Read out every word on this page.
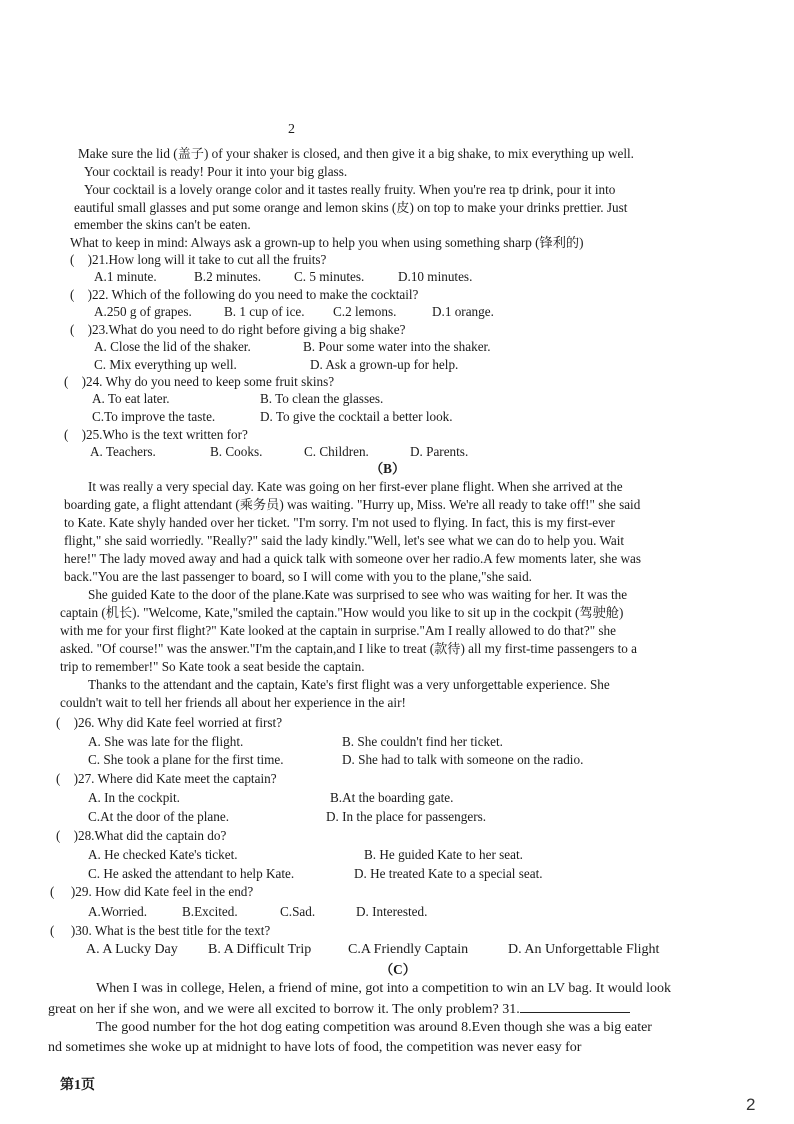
2
Make sure the lid (盖子) of your shaker is closed, and then give it a big shake, to mix everything up well.
Your cocktail is ready! Pour it into your big glass.
Your cocktail is a lovely orange color and it tastes really fruity. When you're rea tp drink, pour it into
eautiful small glasses and put some orange and lemon skins (皮) on top to make your drinks prettier. Just
emember the skins can't be eaten.
What to keep in mind: Always ask a grown-up to help you when using something sharp (锋利的)
(    )21.How long will it take to cut all the fruits?
A.1 minute.	B.2 minutes. C. 5 minutes.	D.10 minutes.
(    )22. Which of the following do you need to make the cocktail?
A.250 g of grapes. B. 1 cup of ice. C.2 lemons.	D.1 orange.
(    )23.What do you need to do right before giving a big shake?
A. Close the lid of the shaker.	B. Pour some water into the shaker.
C. Mix everything up well.	D. Ask a grown-up for help.
(    )24. Why do you need to keep some fruit skins?
A. To eat later.	B. To clean the glasses.
C.To improve the taste.	D. To give the cocktail a better look.
(    )25.Who is the text written for?
A. Teachers.	B. Cooks.	C. Children.	D. Parents.
（B）
It was really a very special day. Kate was going on her first-ever plane flight. When she arrived at the
boarding gate, a flight attendant (乘务员) was waiting. "Hurry up, Miss. We're all ready to take off!" she said
to Kate. Kate shyly handed over her ticket. "I'm sorry. I'm not used to flying. In fact, this is my first-ever
flight," she said worriedly. "Really?" said the lady kindly."Well, let's see what we can do to help you. Wait
here!" The lady moved away and had a quick talk with someone over her radio.A few moments later, she was
back."You are the last passenger to board, so I will come with you to the plane,"she said.
She guided Kate to the door of the plane.Kate was surprised to see who was waiting for her. It was the
captain (机长). "Welcome, Kate,"smiled the captain."How would you like to sit up in the cockpit (驾驶舱)
with me for your first flight?" Kate looked at the captain in surprise."Am I really allowed to do that?" she
asked. "Of course!" was the answer."I'm the captain,and I like to treat (款待) all my first-time passengers to a
trip to remember!" So Kate took a seat beside the captain.
Thanks to the attendant and the captain, Kate's first flight was a very unforgettable experience. She
couldn't wait to tell her friends all about her experience in the air!
(    )26. Why did Kate feel worried at first?
A. She was late for the flight.	B. She couldn't find her ticket.
C. She took a plane for the first time.	D. She had to talk with someone on the radio.
(    )27. Where did Kate meet the captain?
A. In the cockpit.	B.At the boarding gate.
C.At the door of the plane.	D. In the place for passengers.
(    )28.What did the captain do?
A. He checked Kate's ticket.	B. He guided Kate to her seat.
C. He asked the attendant to help Kate.	D. He treated Kate to a special seat.
(     )29. How did Kate feel in the end?
A.Worried.	B.Excited.	C.Sad.	D. Interested.
(     )30. What is the best title for the text?
A. A Lucky Day B. A Difficult Trip	C.A Friendly Captain	D. An Unforgettable Flight
（C）
When I was in college, Helen, a friend of mine, got into a competition to win an LV bag. It would look
great on her if she won, and we were all excited to borrow it. The only problem? 31.
The good number for the hot dog eating competition was around 8.Even though she was a big eater
nd sometimes she woke up at midnight to have lots of food, the competition was never easy for
第1页
2
